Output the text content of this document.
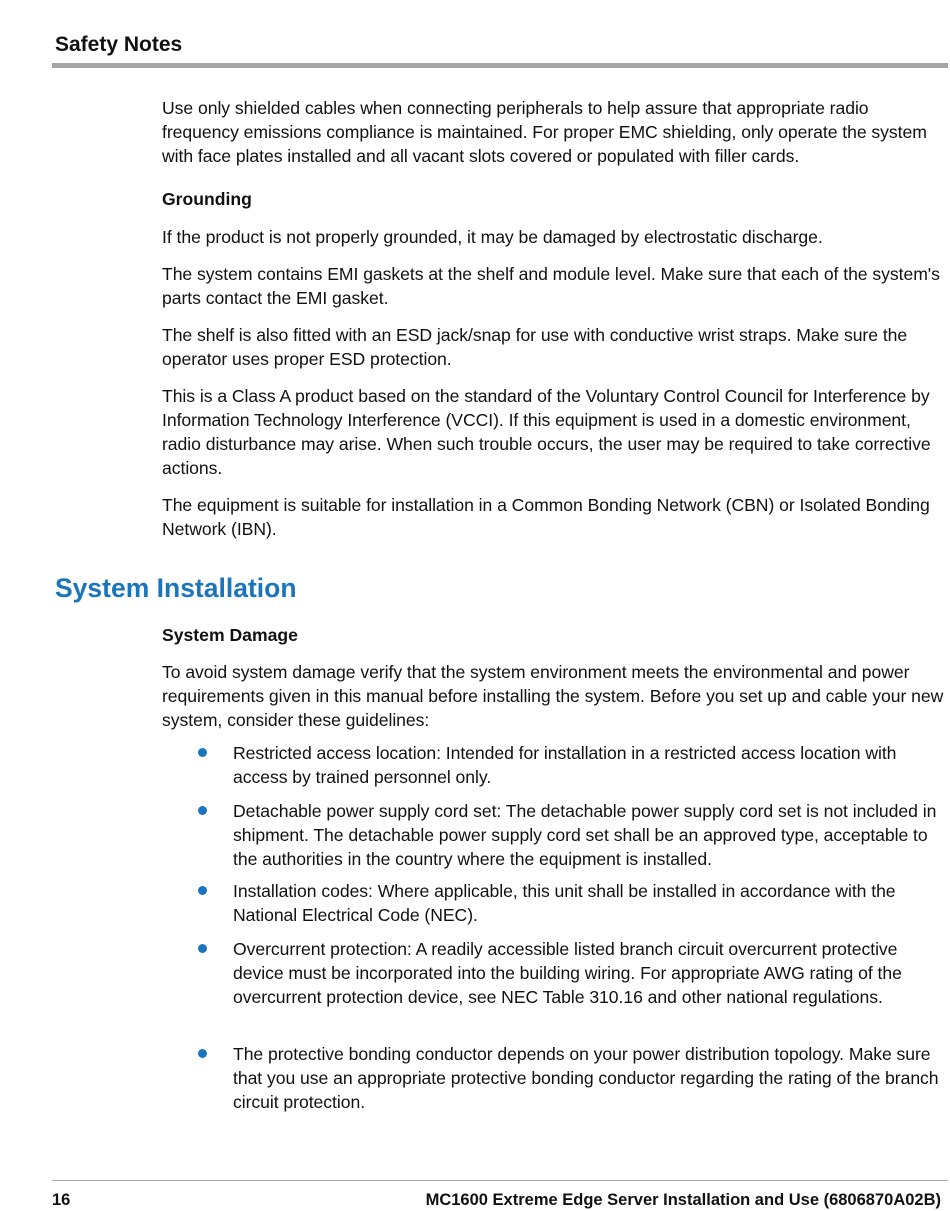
Safety Notes

Use only shielded cables when connecting peripherals to help assure that appropriate radio frequency emissions compliance is maintained. For proper EMC shielding, only operate the system with face plates installed and all vacant slots covered or populated with filler cards.

Grounding

If the product is not properly grounded, it may be damaged by electrostatic discharge.

The system contains EMI gaskets at the shelf and module level. Make sure that each of the system's parts contact the EMI gasket.

The shelf is also fitted with an ESD jack/snap for use with conductive wrist straps. Make sure the operator uses proper ESD protection.

This is a Class A product based on the standard of the Voluntary Control Council for Interference by Information Technology Interference (VCCI). If this equipment is used in a domestic environment, radio disturbance may arise. When such trouble occurs, the user may be required to take corrective actions.

The equipment is suitable for installation in a Common Bonding Network (CBN) or Isolated Bonding Network (IBN).

System Installation
System Damage

To avoid system damage verify that the system environment meets the environmental and power requirements given in this manual before installing the system. Before you set up and cable your new system, consider these guidelines:

Restricted access location: Intended for installation in a restricted access location with access by trained personnel only.

Detachable power supply cord set: The detachable power supply cord set is not included in shipment. The detachable power supply cord set shall be an approved type, acceptable to the authorities in the country where the equipment is installed.

Installation codes: Where applicable, this unit shall be installed in accordance with the National Electrical Code (NEC).

Overcurrent protection: A readily accessible listed branch circuit overcurrent protective device must be incorporated into the building wiring. For appropriate AWG rating of the overcurrent protection device, see NEC Table 310.16 and other national regulations.

The protective bonding conductor depends on your power distribution topology. Make sure that you use an appropriate protective bonding conductor regarding the rating of the branch circuit protection.

16	MC1600 Extreme Edge Server Installation and Use (6806870A02B)
